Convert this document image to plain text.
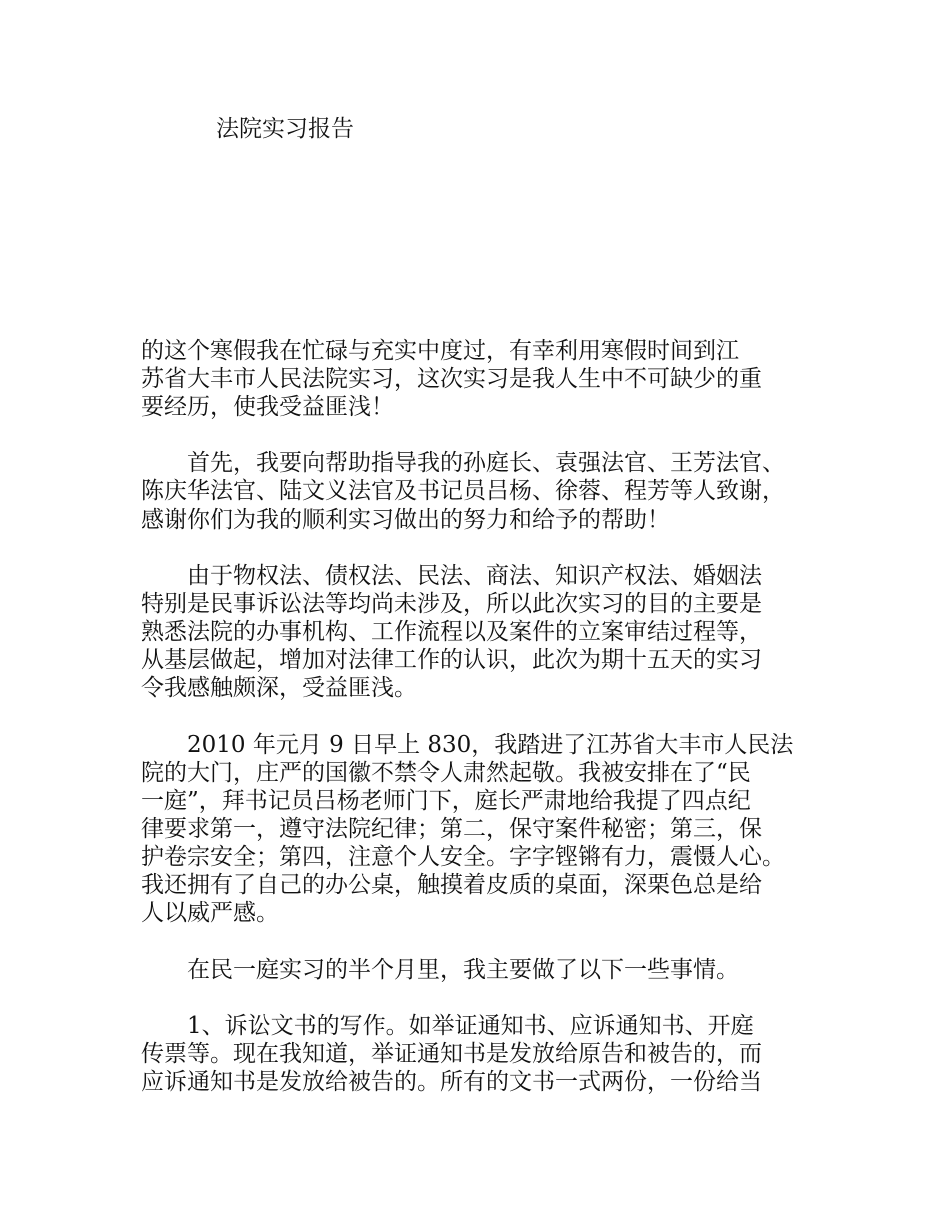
法院实习报告
的这个寒假我在忙碌与充实中度过，有幸利用寒假时间到江
苏省大丰市人民法院实习，这次实习是我人生中不可缺少的重
要经历，使我受益匪浅！
　　首先，我要向帮助指导我的孙庭长、袁强法官、王芳法官、
陈庆华法官、陆文义法官及书记员吕杨、徐蓉、程芳等人致谢，
感谢你们为我的顺利实习做出的努力和给予的帮助！
　　由于物权法、债权法、民法、商法、知识产权法、婚姻法
特别是民事诉讼法等均尚未涉及，所以此次实习的目的主要是
熟悉法院的办事机构、工作流程以及案件的立案审结过程等，
从基层做起，增加对法律工作的认识，此次为期十五天的实习
令我感触颇深，受益匪浅。
　　2010 年元月 9 日早上 830，我踏进了江苏省大丰市人民法
院的大门，庄严的国徽不禁令人肃然起敬。我被安排在了“民
一庭”，拜书记员吕杨老师门下，庭长严肃地给我提了四点纪
律要求第一，遵守法院纪律；第二，保守案件秘密；第三，保
护卷宗安全；第四，注意个人安全。字字铿锵有力，震慑人心。
我还拥有了自己的办公桌，触摸着皮质的桌面，深栗色总是给
人以威严感。
　　在民一庭实习的半个月里，我主要做了以下一些事情。
　　1、诉讼文书的写作。如举证通知书、应诉通知书、开庭
传票等。现在我知道，举证通知书是发放给原告和被告的，而
应诉通知书是发放给被告的。所有的文书一式两份，一份给当
